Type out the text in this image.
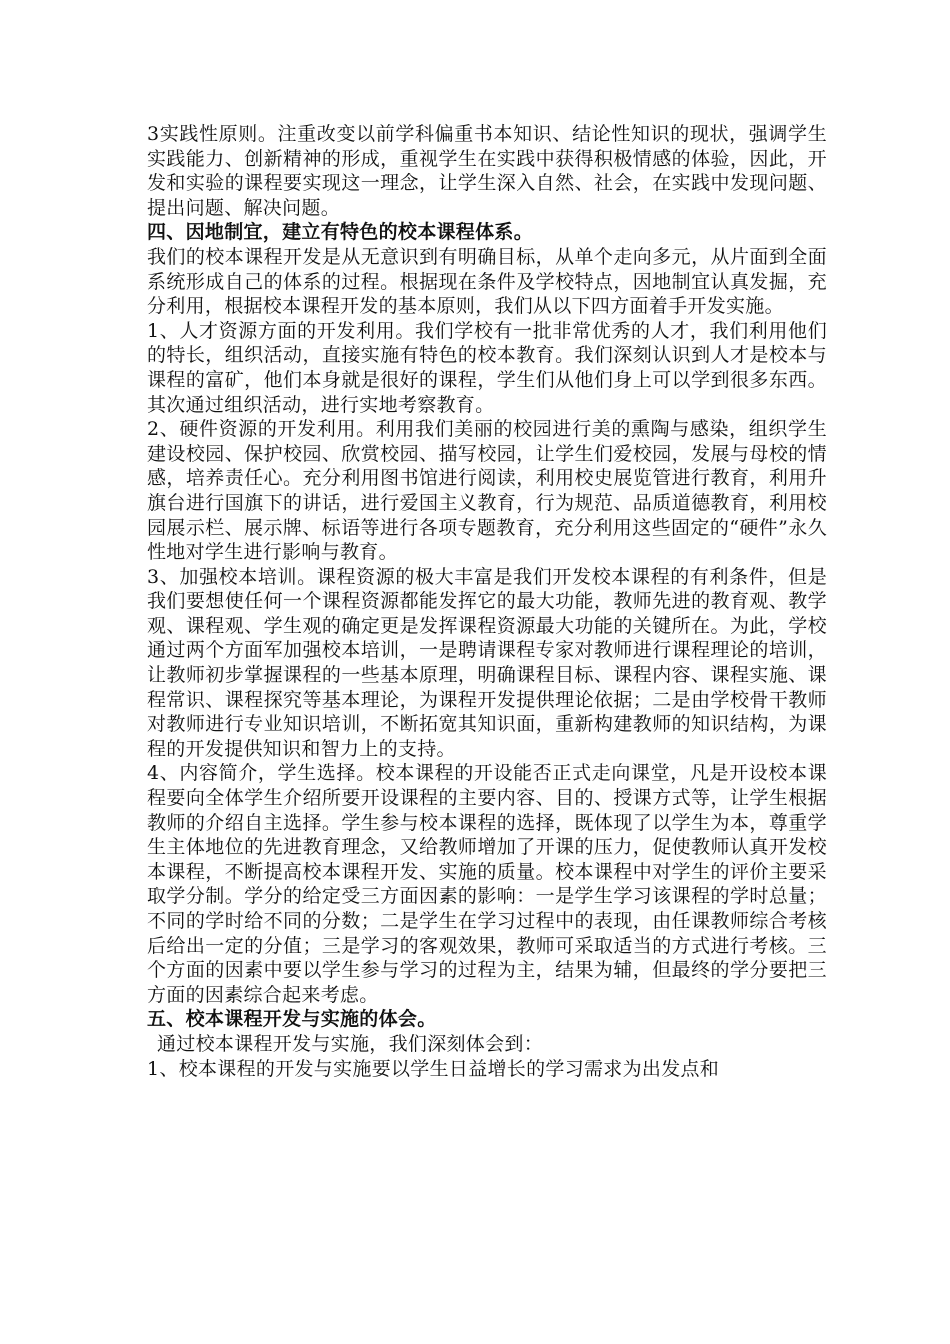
3实践性原则。注重改变以前学科偏重书本知识、结论性知识的现状，强调学生实践能力、创新精神的形成，重视学生在实践中获得积极情感的体验，因此，开发和实验的课程要实现这一理念，让学生深入自然、社会，在实践中发现问题、提出问题、解决问题。

四、因地制宜，建立有特色的校本课程体系。

我们的校本课程开发是从无意识到有明确目标，从单个走向多元，从片面到全面系统形成自己的体系的过程。根据现在条件及学校特点，因地制宜认真发掘，充分利用，根据校本课程开发的基本原则，我们从以下四方面着手开发实施。

1、人才资源方面的开发利用。我们学校有一批非常优秀的人才，我们利用他们的特长，组织活动，直接实施有特色的校本教育。我们深刻认识到人才是校本与课程的富矿，他们本身就是很好的课程，学生们从他们身上可以学到很多东西。其次通过组织活动，进行实地考察教育。

2、硬件资源的开发利用。利用我们美丽的校园进行美的熏陶与感染，组织学生建设校园、保护校园、欣赏校园、描写校园，让学生们爱校园，发展与母校的情感，培养责任心。充分利用图书馆进行阅读，利用校史展览管进行教育，利用升旗台进行国旗下的讲话，进行爱国主义教育，行为规范、品质道德教育，利用校园展示栏、展示牌、标语等进行各项专题教育，充分利用这些固定的“硬件”永久性地对学生进行影响与教育。

3、加强校本培训。课程资源的极大丰富是我们开发校本课程的有利条件，但是我们要想使任何一个课程资源都能发挥它的最大功能，教师先进的教育观、教学观、课程观、学生观的确定更是发挥课程资源最大功能的关键所在。为此，学校通过两个方面军加强校本培训，一是聘请课程专家对教师进行课程理论的培训，让教师初步掌握课程的一些基本原理，明确课程目标、课程内容、课程实施、课程常识、课程探究等基本理论，为课程开发提供理论依据；二是由学校骨干教师对教师进行专业知识培训，不断拓宽其知识面，重新构建教师的知识结构，为课程的开发提供知识和智力上的支持。

4、内容简介，学生选择。校本课程的开设能否正式走向课堂，凡是开设校本课程要向全体学生介绍所要开设课程的主要内容、目的、授课方式等，让学生根据教师的介绍自主选择。学生参与校本课程的选择，既体现了以学生为本，尊重学生主体地位的先进教育理念，又给教师增加了开课的压力，促使教师认真开发校本课程，不断提高校本课程开发、实施的质量。校本课程中对学生的评价主要采取学分制。学分的给定受三方面因素的影响：一是学生学习该课程的学时总量；不同的学时给不同的分数；二是学生在学习过程中的表现，由任课教师综合考核后给出一定的分值；三是学习的客观效果，教师可采取适当的方式进行考核。三个方面的因素中要以学生参与学习的过程为主，结果为辅，但最终的学分要把三方面的因素综合起来考虑。

五、校本课程开发与实施的体会。

通过校本课程开发与实施，我们深刻体会到：

1、校本课程的开发与实施要以学生日益增长的学习需求为出发点和
